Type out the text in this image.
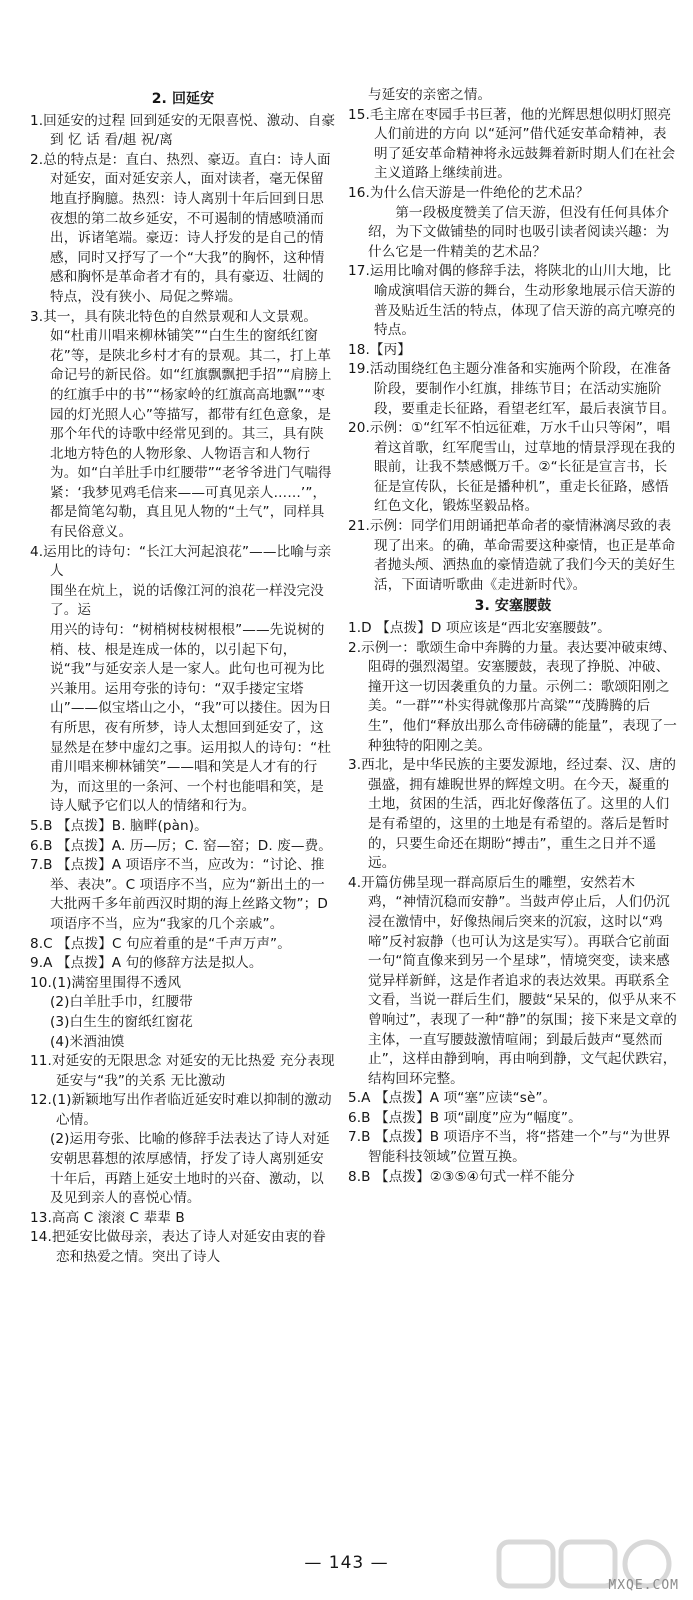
2. 回延安

1.回延安的过程 回到延安的无限喜悦、激动、自豪 到 忆 话 看/趄 祝/离

2.总的特点是：直白、热烈、豪迈。直白：诗人面对延安，面对延安亲人，面对读者，毫无保留地直抒胸臆。热烈：诗人离别十年后回到日思夜想的第二故乡延安，不可遏制的情感喷涌而出，诉诸笔端。豪迈：诗人抒发的是自己的情感，同时又抒写了一个“大我”的胸怀，这种情感和胸怀是革命者才有的，具有豪迈、壮阔的特点，没有狭小、局促之弊端。

3.其一，具有陕北特色的自然景观和人文景观。如“杜甫川唱来柳林铺笑”“白生生的窗纸红窗花”等，是陕北乡村才有的景观。其二，打上革命记号的新民俗。如“红旗飘飘把手招”“肩膀上的红旗手中的书”“杨家岭的红旗高高地飘”“枣园的灯光照人心”等描写，都带有红色意象，是那个年代的诗歌中经常见到的。其三，具有陕北地方特色的人物形象、人物语言和人物行为。如“白羊肚手巾红腰带”“老爷爷进门气喘得紧：‘我梦见鸡毛信来——可真见亲人……’”，都是简笔勾勒，真且见人物的“土气”，同样具有民俗意义。

4.运用比的诗句：“长江大河起浪花”——比喻与亲人

围坐在炕上，说的话像江河的浪花一样没完没了。运

用兴的诗句：“树梢树枝树根根”——先说树的梢、枝、根是连成一体的，以引起下句，说“我”与延安亲人是一家人。此句也可视为比兴兼用。运用夸张的诗句：“双手搂定宝塔山”——似宝塔山之小，“我”可以搂住。因为日有所思，夜有所梦，诗人太想回到延安了，这显然是在梦中虚幻之事。运用拟人的诗句：“杜甫川唱来柳林铺笑”——唱和笑是人才有的行为，而这里的一条河、一个村也能唱和笑，是诗人赋予它们以人的情绪和行为。

5.B 【点拨】B. 脑畔(pàn)。

6.B 【点拨】A. 历—厉；C. 窑—窑；D. 废—费。

7.B 【点拨】A 项语序不当，应改为：“讨论、推举、表决”。C 项语序不当，应为“新出土的一大批两千多年前西汉时期的海上丝路文物”；D 项语序不当，应为“我家的几个亲戚”。

8.C 【点拨】C 句应着重的是“千声万声”。

9.A 【点拨】A 句的修辞方法是拟人。

10.(1)满窑里围得不透风

(2)白羊肚手巾，红腰带

(3)白生生的窗纸红窗花

(4)米酒油馍

11.对延安的无限思念 对延安的无比热爱 充分表现延安与“我”的关系 无比激动

12.(1)新颖地写出作者临近延安时难以抑制的激动心情。

(2)运用夸张、比喻的修辞手法表达了诗人对延安朝思暮想的浓厚感情，抒发了诗人离别延安十年后，再踏上延安土地时的兴奋、激动，以及见到亲人的喜悦心情。

13.高高 C 滚滚 C 辈辈 B

14.把延安比做母亲，表达了诗人对延安由衷的眷恋和热爱之情。突出了诗人

与延安的亲密之情。

15.毛主席在枣园手书巨著，他的光辉思想似明灯照亮人们前进的方向 以“延河”借代延安革命精神，表明了延安革命精神将永远鼓舞着新时期人们在社会主义道路上继续前进。

16.为什么信天游是一件绝伦的艺术品？

第一段极度赞美了信天游，但没有任何具体介绍，为下文做铺垫的同时也吸引读者阅读兴趣：为什么它是一件精美的艺术品？

17.运用比喻对偶的修辞手法，将陕北的山川大地，比喻成演唱信天游的舞台，生动形象地展示信天游的普及贴近生活的特点，体现了信天游的高亢嘹亮的特点。

18.【丙】

19.活动围绕红色主题分准备和实施两个阶段，在准备阶段，要制作小红旗，排练节目；在活动实施阶段，要重走长征路，看望老红军，最后表演节目。

20.示例：①“红军不怕远征难，万水千山只等闲”，唱着这首歌，红军爬雪山，过草地的情景浮现在我的眼前，让我不禁感慨万千。②“长征是宣言书，长征是宣传队，长征是播种机”，重走长征路，感悟红色文化，锻炼坚毅品格。

21.示例：同学们用朗诵把革命者的豪情淋漓尽致的表现了出来。的确，革命需要这种豪情，也正是革命者抛头颅、洒热血的豪情造就了我们今天的美好生活，下面请听歌曲《走进新时代》。

3. 安塞腰鼓

1.D 【点拨】D 项应该是“西北安塞腰鼓”。

2.示例一：歌颂生命中奔腾的力量。表达要冲破束缚、阻碍的强烈渴望。安塞腰鼓，表现了挣脱、冲破、撞开这一切因袭重负的力量。示例二：歌颂阳刚之美。“一群”“朴实得就像那片高粱”“茂腾腾的后生”，他们“释放出那么奇伟磅礴的能量”，表现了一种独特的阳刚之美。

3.西北，是中华民族的主要发源地，经过秦、汉、唐的强盛，拥有雄睨世界的辉煌文明。在今天，凝重的土地，贫困的生活，西北好像落伍了。这里的人们是有希望的，这里的土地是有希望的。落后是暂时的，只要生命还在期盼“搏击”，重生之日并不遥远。

4.开篇仿佛呈现一群高原后生的雕塑，安然若木鸡，“神情沉稳而安静”。当鼓声停止后，人们仍沉浸在激情中，好像热闹后突来的沉寂，这时以“鸡啼”反衬寂静（也可认为这是实写）。再联合它前面一句“简直像来到另一个星球”，情境突变，读来感觉异样新鲜，这是作者追求的表达效果。再联系全文看，当说一群后生们，腰鼓“呆呆的，似乎从来不曾响过”，表现了一种“静”的氛围；接下来是文章的主体，一直写腰鼓激情喧闹；到最后鼓声“戛然而止”，这样由静到响，再由响到静，文气起伏跌宕，结构回环完整。

5.A 【点拨】A 项“塞”应读“sè”。

6.B 【点拨】B 项“副度”应为“幅度”。

7.B 【点拨】B 项语序不当，将“搭建一个”与“为世界智能科技领域”位置互换。

8.B 【点拨】②③⑤④句式一样不能分

— 143 —
MXQE.COM
